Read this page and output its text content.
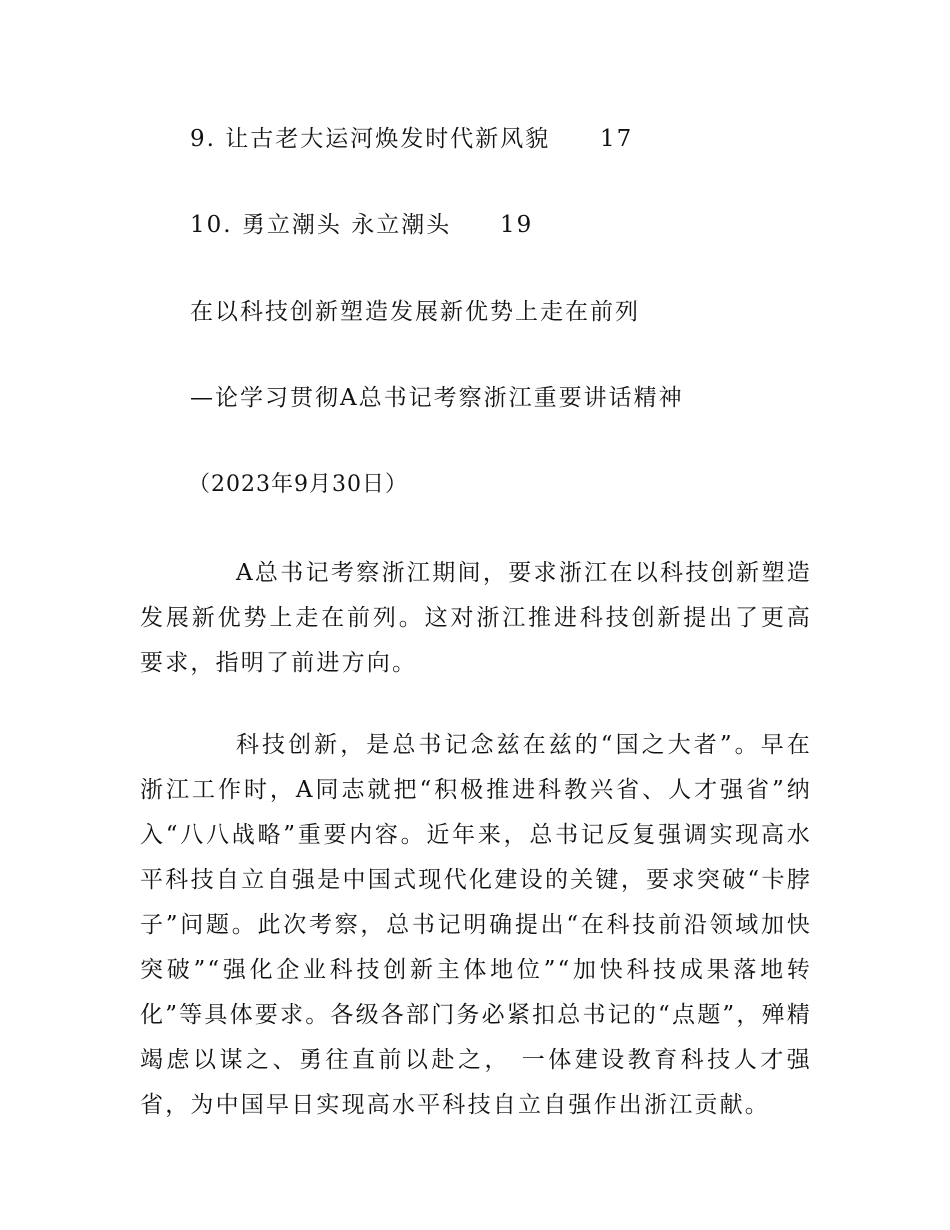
9. 让古老大运河焕发时代新风貌 17
10. 勇立潮头 永立潮头 19
在以科技创新塑造发展新优势上走在前列
—论学习贯彻A总书记考察浙江重要讲话精神
（2023年9月30日）

A总书记考察浙江期间，要求浙江在以科技创新塑造发展新优势上走在前列。这对浙江推进科技创新提出了更高要求，指明了前进方向。

科技创新，是总书记念兹在兹的“国之大者”。早在浙江工作时，A同志就把“积极推进科教兴省、人才强省”纳入“八八战略”重要内容。近年来，总书记反复强调实现高水平科技自立自强是中国式现代化建设的关键，要求突破“卡脖子”问题。此次考察，总书记明确提出“在科技前沿领域加快突破”“强化企业科技创新主体地位”“加快科技成果落地转化”等具体要求。各级各部门务必紧扣总书记的“点题”，殚精竭虑以谋之、勇往直前以赴之， 一体建设教育科技人才强省，为中国早日实现高水平科技自立自强作出浙江贡献。
